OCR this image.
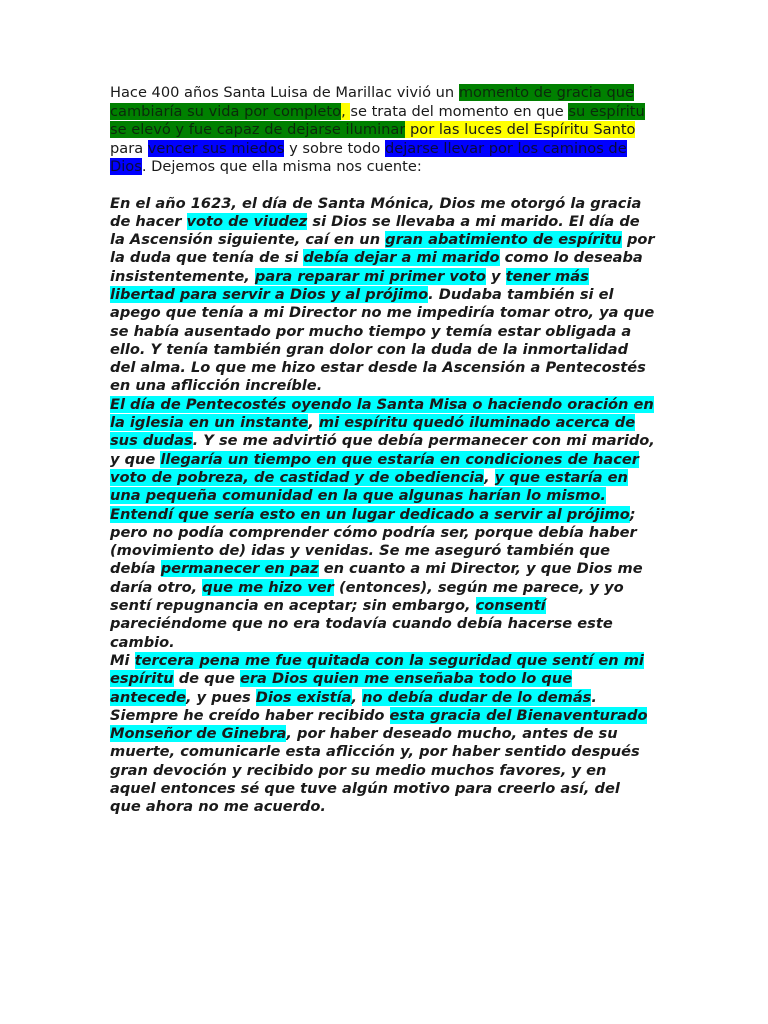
Hace 400 años Santa Luisa de Marillac vivió un momento de gracia que cambiaría su vida por completo, se trata del momento en que su espíritu se elevó y fue capaz de dejarse iluminar por las luces del Espíritu Santo para vencer sus miedos y sobre todo dejarse llevar por los caminos de Dios. Dejemos que ella misma nos cuente:

En el año 1623, el día de Santa Mónica, Dios me otorgó la gracia de hacer voto de viudez si Dios se llevaba a mi marido. El día de la Ascensión siguiente, caí en un gran abatimiento de espíritu por la duda que tenía de si debía dejar a mi marido como lo deseaba insistentemente, para reparar mi primer voto y tener más libertad para servir a Dios y al prójimo. Dudaba también si el apego que tenía a mi Director no me impediría tomar otro, ya que se había ausentado por mucho tiempo y temía estar obligada a ello. Y tenía también gran dolor con la duda de la inmortalidad del alma. Lo que me hizo estar desde la Ascensión a Pentecostés en una aflicción increíble.

El día de Pentecostés oyendo la Santa Misa o haciendo oración en la iglesia en un instante, mi espíritu quedó iluminado acerca de sus dudas. Y se me advirtió que debía permanecer con mi marido, y que llegaría un tiempo en que estaría en condiciones de hacer voto de pobreza, de castidad y de obediencia, y que estaría en una pequeña comunidad en la que algunas harían lo mismo.

Entendí que sería esto en un lugar dedicado a servir al prójimo; pero no podía comprender cómo podría ser, porque debía haber (movimiento de) idas y venidas. Se me aseguró también que debía permanecer en paz en cuanto a mi Director, y que Dios me daría otro, que me hizo ver (entonces), según me parece, y yo sentí repugnancia en aceptar; sin embargo, consentí pareciéndome que no era todavía cuando debía hacerse este cambio.

Mi tercera pena me fue quitada con la seguridad que sentí en mi espíritu de que era Dios quien me enseñaba todo lo que antecede, y pues Dios existía, no debía dudar de lo demás. Siempre he creído haber recibido esta gracia del Bienaventurado Monseñor de Ginebra, por haber deseado mucho, antes de su muerte, comunicarle esta aflicción y, por haber sentido después gran devoción y recibido por su medio muchos favores, y en aquel entonces sé que tuve algún motivo para creerlo así, del que ahora no me acuerdo.
